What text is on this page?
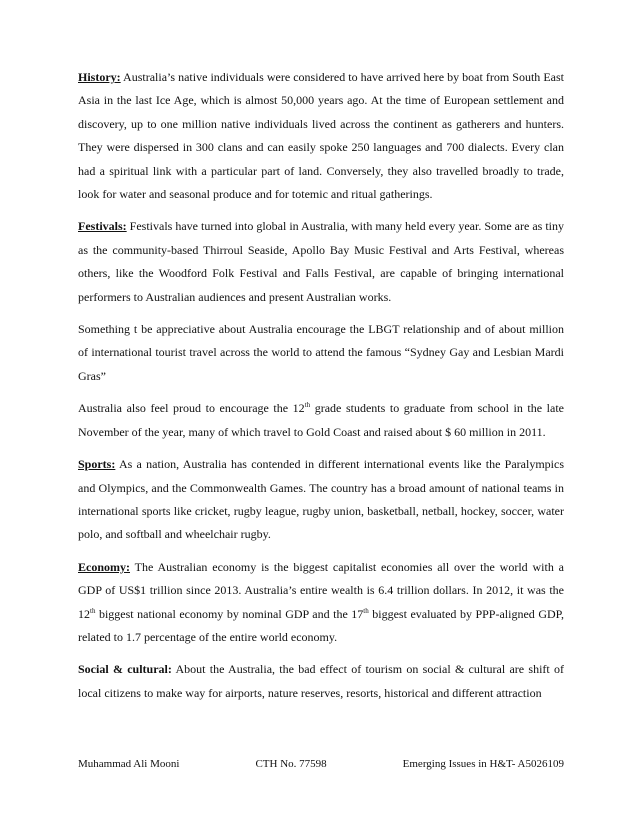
History: Australia’s native individuals were considered to have arrived here by boat from South East Asia in the last Ice Age, which is almost 50,000 years ago. At the time of European settlement and discovery, up to one million native individuals lived across the continent as gatherers and hunters. They were dispersed in 300 clans and can easily spoke 250 languages and 700 dialects. Every clan had a spiritual link with a particular part of land. Conversely, they also travelled broadly to trade, look for water and seasonal produce and for totemic and ritual gatherings.

Festivals: Festivals have turned into global in Australia, with many held every year. Some are as tiny as the community-based Thirroul Seaside, Apollo Bay Music Festival and Arts Festival, whereas others, like the Woodford Folk Festival and Falls Festival, are capable of bringing international performers to Australian audiences and present Australian works.

Something t be appreciative about Australia encourage the LBGT relationship and of about million of international tourist travel across the world to attend the famous “Sydney Gay and Lesbian Mardi Gras”

Australia also feel proud to encourage the 12th grade students to graduate from school in the late November of the year, many of which travel to Gold Coast and raised about $ 60 million in 2011.

Sports: As a nation, Australia has contended in different international events like the Paralympics and Olympics, and the Commonwealth Games. The country has a broad amount of national teams in international sports like cricket, rugby league, rugby union, basketball, netball, hockey, soccer, water polo, and softball and wheelchair rugby.

Economy: The Australian economy is the biggest capitalist economies all over the world with a GDP of US$1 trillion since 2013. Australia’s entire wealth is 6.4 trillion dollars. In 2012, it was the 12th biggest national economy by nominal GDP and the 17th biggest evaluated by PPP-aligned GDP, related to 1.7 percentage of the entire world economy.

Social & cultural: About the Australia, the bad effect of tourism on social & cultural are shift of local citizens to make way for airports, nature reserves, resorts, historical and different attraction

Muhammad Ali Mooni	CTH No. 77598	Emerging Issues in H&T- A5026109
